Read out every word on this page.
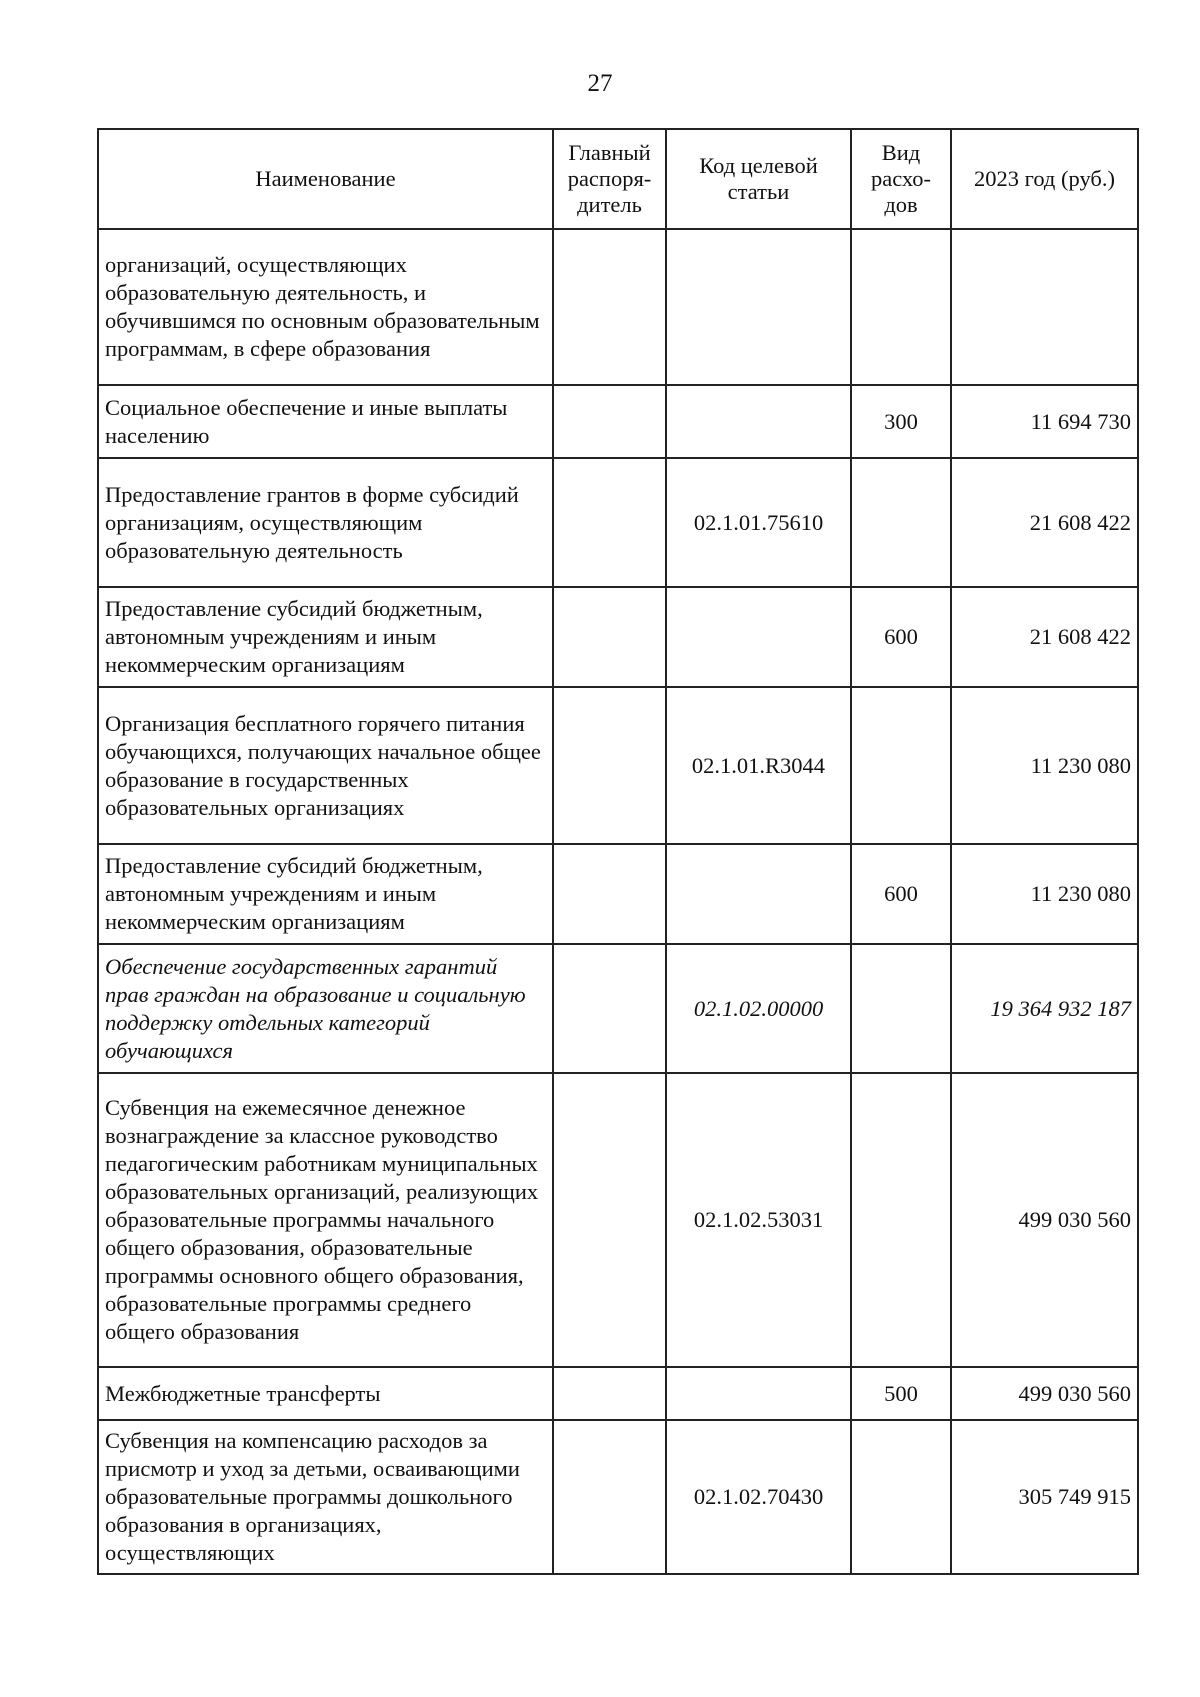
27
Наименование	Главный распоря-дитель	Код целевой статьи	Вид расхо-дов	2023 год (руб.)
организаций, осуществляющих образовательную деятельность, и обучившимся по основным образовательным программам, в сфере образования				
Социальное обеспечение и иные выплаты населению			300	11 694 730
Предоставление грантов в форме субсидий организациям, осуществляющим образовательную деятельность		02.1.01.75610		21 608 422
Предоставление субсидий бюджетным, автономным учреждениям и иным некоммерческим организациям			600	21 608 422
Организация бесплатного горячего питания обучающихся, получающих начальное общее образование в государственных образовательных организациях		02.1.01.R3044		11 230 080
Предоставление субсидий бюджетным, автономным учреждениям и иным некоммерческим организациям			600	11 230 080
Обеспечение государственных гарантий прав граждан на образование и социальную поддержку отдельных категорий обучающихся		02.1.02.00000		19 364 932 187
Субвенция на ежемесячное денежное вознаграждение за классное руководство педагогическим работникам муниципальных образовательных организаций, реализующих образовательные программы начального общего образования, образовательные программы основного общего образования, образовательные программы среднего общего образования		02.1.02.53031		499 030 560
Межбюджетные трансферты			500	499 030 560
Субвенция на компенсацию расходов за присмотр и уход за детьми, осваивающими образовательные программы дошкольного образования в организациях, осуществляющих		02.1.02.70430		305 749 915
